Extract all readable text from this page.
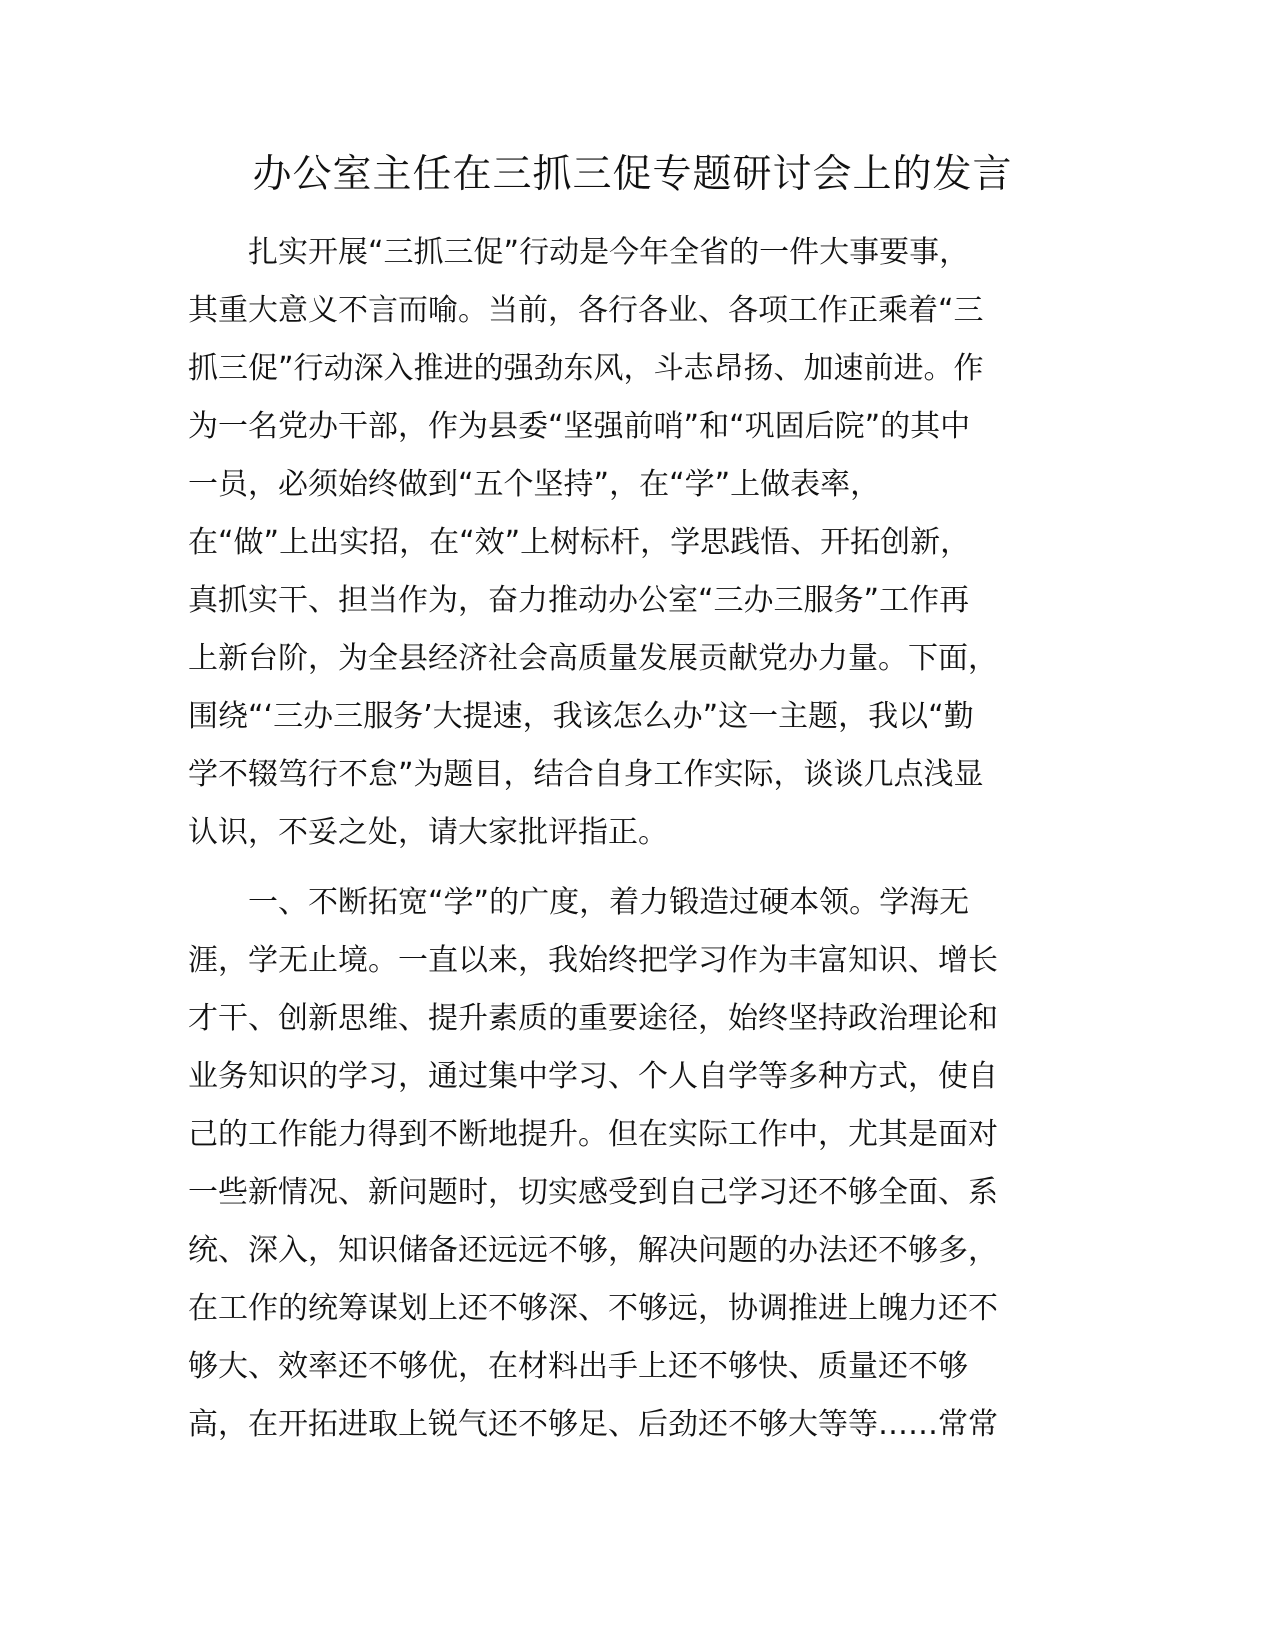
办公室主任在三抓三促专题研讨会上的发言
　　扎实开展“三抓三促”行动是今年全省的一件大事要事，
其重大意义不言而喻。当前，各行各业、各项工作正乘着“三
抓三促”行动深入推进的强劲东风，斗志昂扬、加速前进。作
为一名党办干部，作为县委“坚强前哨”和“巩固后院”的其中
一员，必须始终做到“五个坚持”，在“学”上做表率，
在“做”上出实招，在“效”上树标杆，学思践悟、开拓创新，
真抓实干、担当作为，奋力推动办公室“三办三服务”工作再
上新台阶，为全县经济社会高质量发展贡献党办力量。下面，
围绕“‘三办三服务’大提速，我该怎么办”这一主题，我以“勤
学不辍笃行不怠”为题目，结合自身工作实际，谈谈几点浅显
认识，不妥之处，请大家批评指正。
　　一、不断拓宽“学”的广度，着力锻造过硬本领。学海无
涯，学无止境。一直以来，我始终把学习作为丰富知识、增长
才干、创新思维、提升素质的重要途径，始终坚持政治理论和
业务知识的学习，通过集中学习、个人自学等多种方式，使自
己的工作能力得到不断地提升。但在实际工作中，尤其是面对
一些新情况、新问题时，切实感受到自己学习还不够全面、系
统、深入，知识储备还远远不够，解决问题的办法还不够多，
在工作的统筹谋划上还不够深、不够远，协调推进上魄力还不
够大、效率还不够优，在材料出手上还不够快、质量还不够
高，在开拓进取上锐气还不够足、后劲还不够大等等……常常
